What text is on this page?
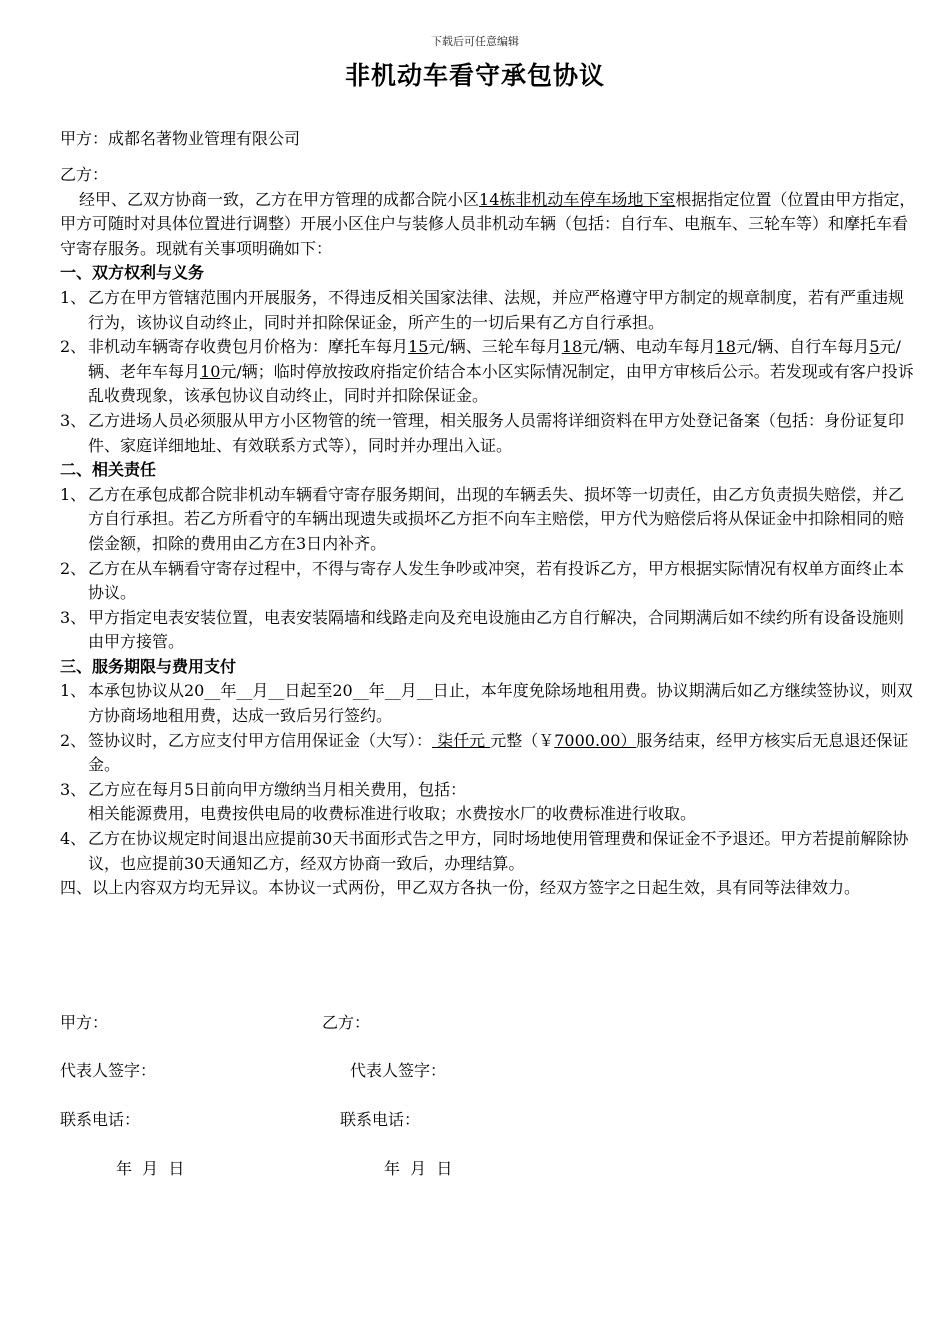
下载后可任意编辑
非机动车看守承包协议
甲方：成都名著物业管理有限公司
乙方：
经甲、乙双方协商一致，乙方在甲方管理的成都合院小区14栋非机动车停车场地下室根据指定位置（位置由甲方指定，甲方可随时对具体位置进行调整）开展小区住户与装修人员非机动车辆（包括：自行车、电瓶车、三轮车等）和摩托车看守寄存服务。现就有关事项明确如下：
一、双方权利与义务
1、 乙方在甲方管辖范围内开展服务，不得违反相关国家法律、法规，并应严格遵守甲方制定的规章制度，若有严重违规行为，该协议自动终止，同时并扣除保证金，所产生的一切后果有乙方自行承担。
2、 非机动车辆寄存收费包月价格为：摩托车每月15元/辆、三轮车每月18元/辆、电动车每月18元/辆、自行车每月5元/辆、老年车每月10元/辆；临时停放按政府指定价结合本小区实际情况制定，由甲方审核后公示。若发现或有客户投诉乱收费现象，该承包协议自动终止，同时并扣除保证金。
3、 乙方进场人员必须服从甲方小区物管的统一管理，相关服务人员需将详细资料在甲方处登记备案（包括：身份证复印件、家庭详细地址、有效联系方式等），同时并办理出入证。
二、相关责任
1、 乙方在承包成都合院非机动车辆看守寄存服务期间，出现的车辆丢失、损坏等一切责任，由乙方负责损失赔偿，并乙方自行承担。若乙方所看守的车辆出现遗失或损坏乙方拒不向车主赔偿，甲方代为赔偿后将从保证金中扣除相同的赔偿金额，扣除的费用由乙方在3日内补齐。
2、 乙方在从车辆看守寄存过程中，不得与寄存人发生争吵或冲突，若有投诉乙方，甲方根据实际情况有权单方面终止本协议。
3、 甲方指定电表安装位置，电表安装隔墙和线路走向及充电设施由乙方自行解决，合同期满后如不续约所有设备设施则由甲方接管。
三、服务期限与费用支付
1、 本承包协议从20__年__月__日起至20__年__月__日止，本年度免除场地租用费。协议期满后如乙方继续签协议，则双方协商场地租用费，达成一致后另行签约。
2、 签协议时，乙方应支付甲方信用保证金（大写）： 柒仟元 元整（￥7000.00）服务结束，经甲方核实后无息退还保证金。
3、 乙方应在每月5日前向甲方缴纳当月相关费用，包括：
相关能源费用，电费按供电局的收费标准进行收取；水费按水厂的收费标准进行收取。
4、 乙方在协议规定时间退出应提前30天书面形式告之甲方，同时场地使用管理费和保证金不予退还。甲方若提前解除协议，也应提前30天通知乙方，经双方协商一致后，办理结算。
四、以上内容双方均无异议。本协议一式两份，甲乙双方各执一份，经双方签字之日起生效，具有同等法律效力。
甲方：	乙方：
代表人签字：	代表人签字：
联系电话：	联系电话：
年  月  日	年  月  日
